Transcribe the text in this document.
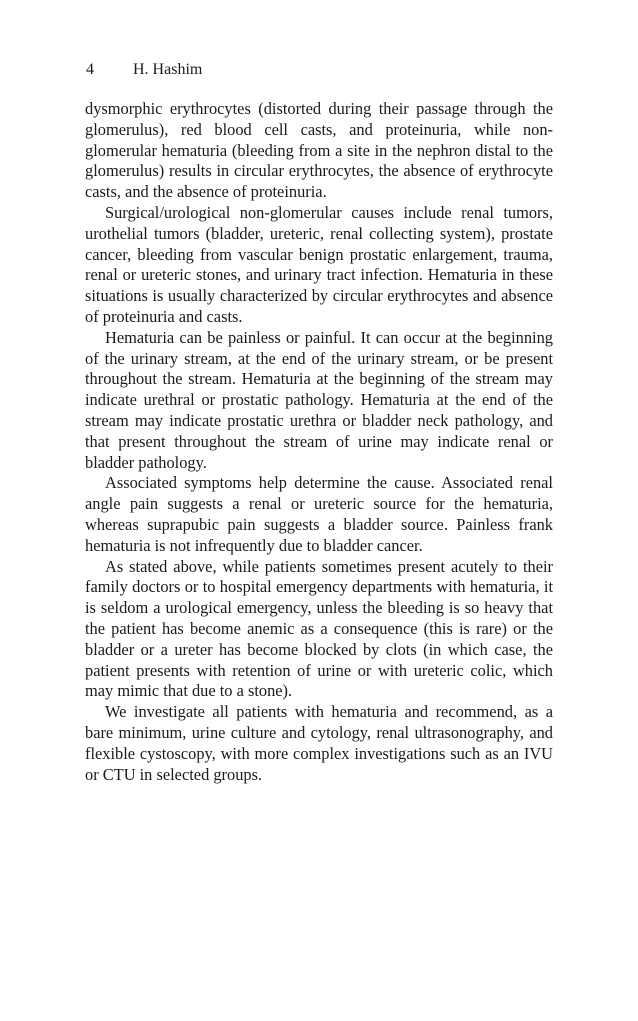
4 H. Hashim

dysmorphic erythrocytes (distorted during their passage through the glomerulus), red blood cell casts, and proteinuria, while non-glomerular hematuria (bleeding from a site in the nephron distal to the glomerulus) results in circular erythrocytes, the absence of erythrocyte casts, and the absence of proteinuria.

Surgical/urological non-glomerular causes include renal tumors, urothelial tumors (bladder, ureteric, renal collecting system), prostate cancer, bleeding from vascular benign prostatic enlargement, trauma, renal or ureteric stones, and urinary tract infection. Hematuria in these situations is usually characterized by circular erythrocytes and absence of proteinuria and casts.

Hematuria can be painless or painful. It can occur at the beginning of the urinary stream, at the end of the urinary stream, or be present throughout the stream. Hematuria at the beginning of the stream may indicate urethral or prostatic pathology. Hematuria at the end of the stream may indicate prostatic urethra or bladder neck pathology, and that present throughout the stream of urine may indicate renal or bladder pathology.

Associated symptoms help determine the cause. Associated renal angle pain suggests a renal or ureteric source for the hematuria, whereas suprapubic pain suggests a bladder source. Painless frank hematuria is not infrequently due to bladder cancer.

As stated above, while patients sometimes present acutely to their family doctors or to hospital emergency departments with hematuria, it is seldom a urological emergency, unless the bleeding is so heavy that the patient has become anemic as a consequence (this is rare) or the bladder or a ureter has become blocked by clots (in which case, the patient presents with retention of urine or with ureteric colic, which may mimic that due to a stone).

We investigate all patients with hematuria and recommend, as a bare minimum, urine culture and cytology, renal ultrasonography, and flexible cystoscopy, with more complex investigations such as an IVU or CTU in selected groups.
